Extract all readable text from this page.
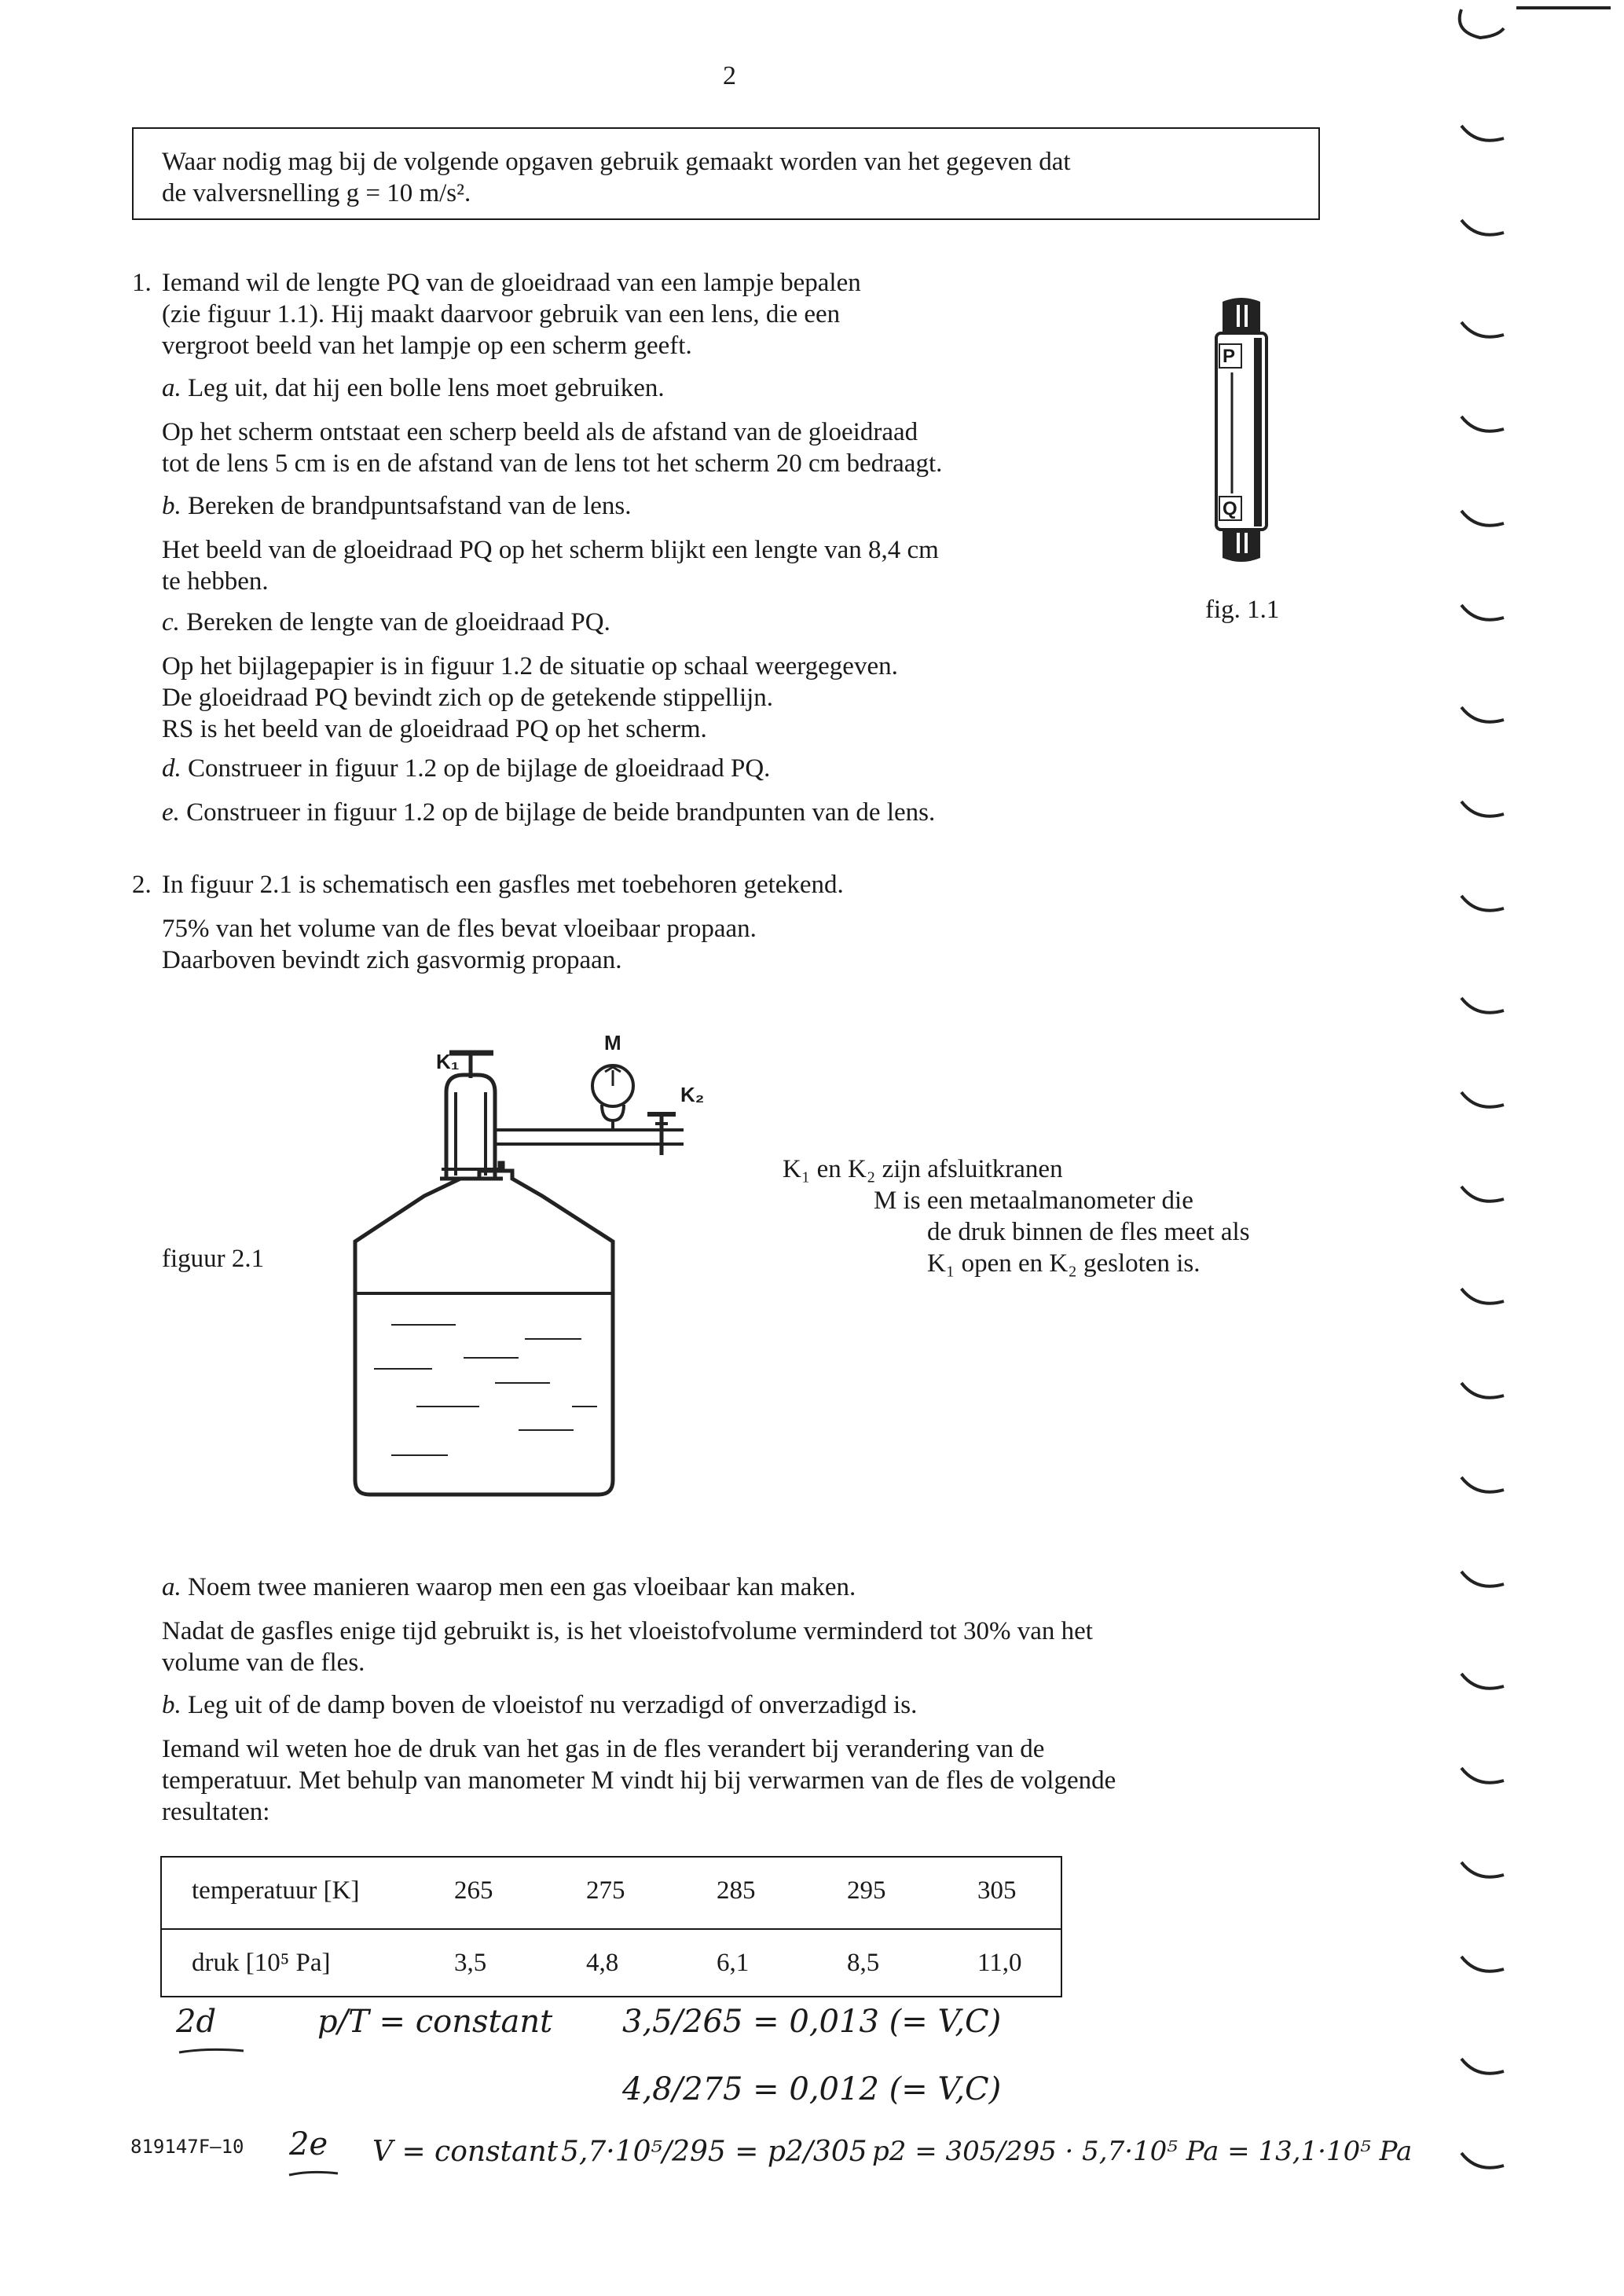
2
Waar nodig mag bij de volgende opgaven gebruik gemaakt worden van het gegeven dat
de valversnelling g = 10 m/s².
1. Iemand wil de lengte PQ van de gloeidraad van een lampje bepalen
(zie figuur 1.1). Hij maakt daarvoor gebruik van een lens, die een
vergroot beeld van het lampje op een scherm geeft.
a. Leg uit, dat hij een bolle lens moet gebruiken.
Op het scherm ontstaat een scherp beeld als de afstand van de gloeidraad
tot de lens 5 cm is en de afstand van de lens tot het scherm 20 cm bedraagt.
b. Bereken de brandpuntsafstand van de lens.
Het beeld van de gloeidraad PQ op het scherm blijkt een lengte van 8,4 cm
te hebben.
c. Bereken de lengte van de gloeidraad PQ.
Op het bijlagepapier is in figuur 1.2 de situatie op schaal weergegeven.
De gloeidraad PQ bevindt zich op de getekende stippellijn.
RS is het beeld van de gloeidraad PQ op het scherm.
d. Construeer in figuur 1.2 op de bijlage de gloeidraad PQ.
e. Construeer in figuur 1.2 op de bijlage de beide brandpunten van de lens.
P
Q
fig. 1.1
2. In figuur 2.1 is schematisch een gasfles met toebehoren getekend.
75% van het volume van de fles bevat vloeibaar propaan.
Daarboven bevindt zich gasvormig propaan.
K₁
M
K₂
figuur 2.1
K₁ en K₂ zijn afsluitkranen
M is een metaalmanometer die
de druk binnen de fles meet als
K₁ open en K₂ gesloten is.
a. Noem twee manieren waarop men een gas vloeibaar kan maken.
Nadat de gasfles enige tijd gebruikt is, is het vloeistofvolume verminderd tot 30% van het
volume van de fles.
b. Leg uit of de damp boven de vloeistof nu verzadigd of onverzadigd is.
Iemand wil weten hoe de druk van het gas in de fles verandert bij verandering van de
temperatuur. Met behulp van manometer M vindt hij bij verwarmen van de fles de volgende
resultaten:
temperatuur [K]	265	275	285	295	305
druk [10⁵ Pa]	3,5	4,8	6,1	8,5	11,0
2d	p/T = constant 3,5/265 = 0,013 (= V,C)
4,8/275 = 0,012 (= V,C)
819147F–10 2e V = constant 5,7·10⁵/295 = p2/305 p2 = 305/295 · 5,7·10⁵ Pa = 13,1·10⁵ Pa
